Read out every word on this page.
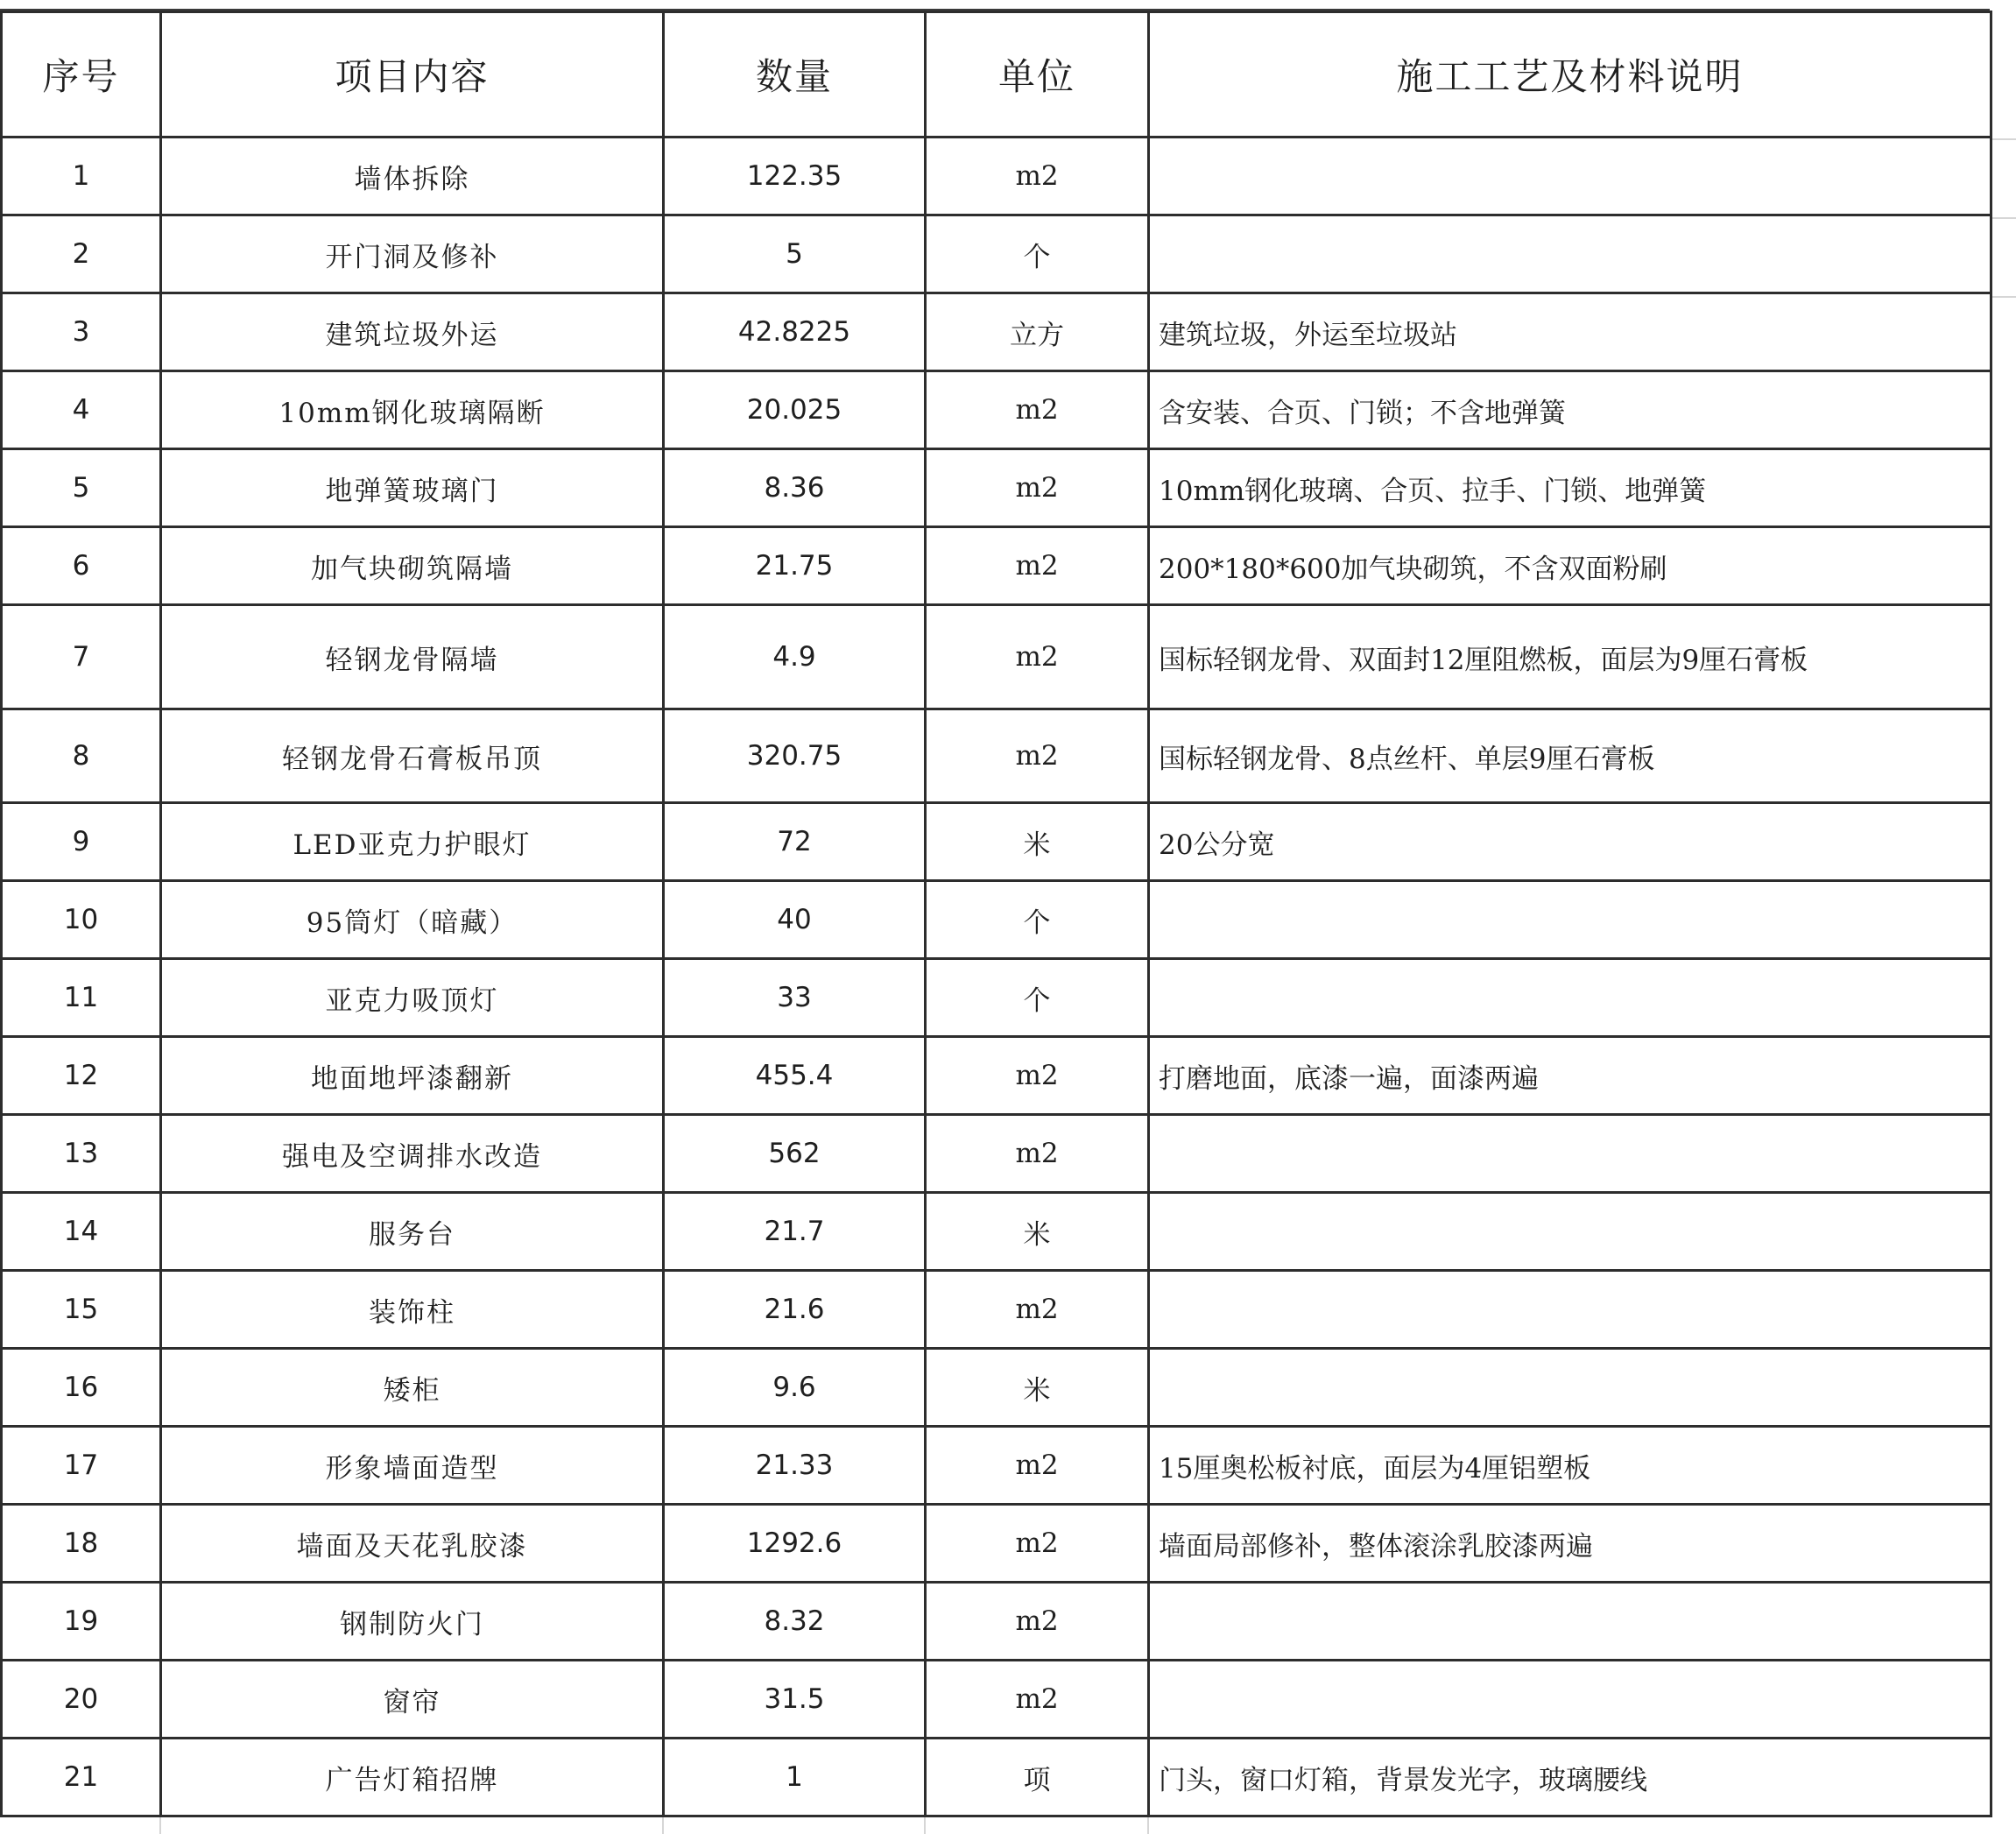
序号	项目内容	数量	单位	施工工艺及材料说明
1	墙体拆除	122.35	m2	
2	开门洞及修补	5	个	
3	建筑垃圾外运	42.8225	立方	建筑垃圾，外运至垃圾站
4	10mm钢化玻璃隔断	20.025	m2	含安装、合页、门锁；不含地弹簧
5	地弹簧玻璃门	8.36	m2	10mm钢化玻璃、合页、拉手、门锁、地弹簧
6	加气块砌筑隔墙	21.75	m2	200*180*600加气块砌筑，不含双面粉刷
7	轻钢龙骨隔墙	4.9	m2	国标轻钢龙骨、双面封12厘阻燃板，面层为9厘石膏板
8	轻钢龙骨石膏板吊顶	320.75	m2	国标轻钢龙骨、8点丝杆、单层9厘石膏板
9	LED亚克力护眼灯	72	米	20公分宽
10	95筒灯（暗藏）	40	个	
11	亚克力吸顶灯	33	个	
12	地面地坪漆翻新	455.4	m2	打磨地面，底漆一遍，面漆两遍
13	强电及空调排水改造	562	m2	
14	服务台	21.7	米	
15	装饰柱	21.6	m2	
16	矮柜	9.6	米	
17	形象墙面造型	21.33	m2	15厘奥松板衬底，面层为4厘铝塑板
18	墙面及天花乳胶漆	1292.6	m2	墙面局部修补，整体滚涂乳胶漆两遍
19	钢制防火门	8.32	m2	
20	窗帘	31.5	m2	
21	广告灯箱招牌	1	项	门头，窗口灯箱，背景发光字，玻璃腰线
